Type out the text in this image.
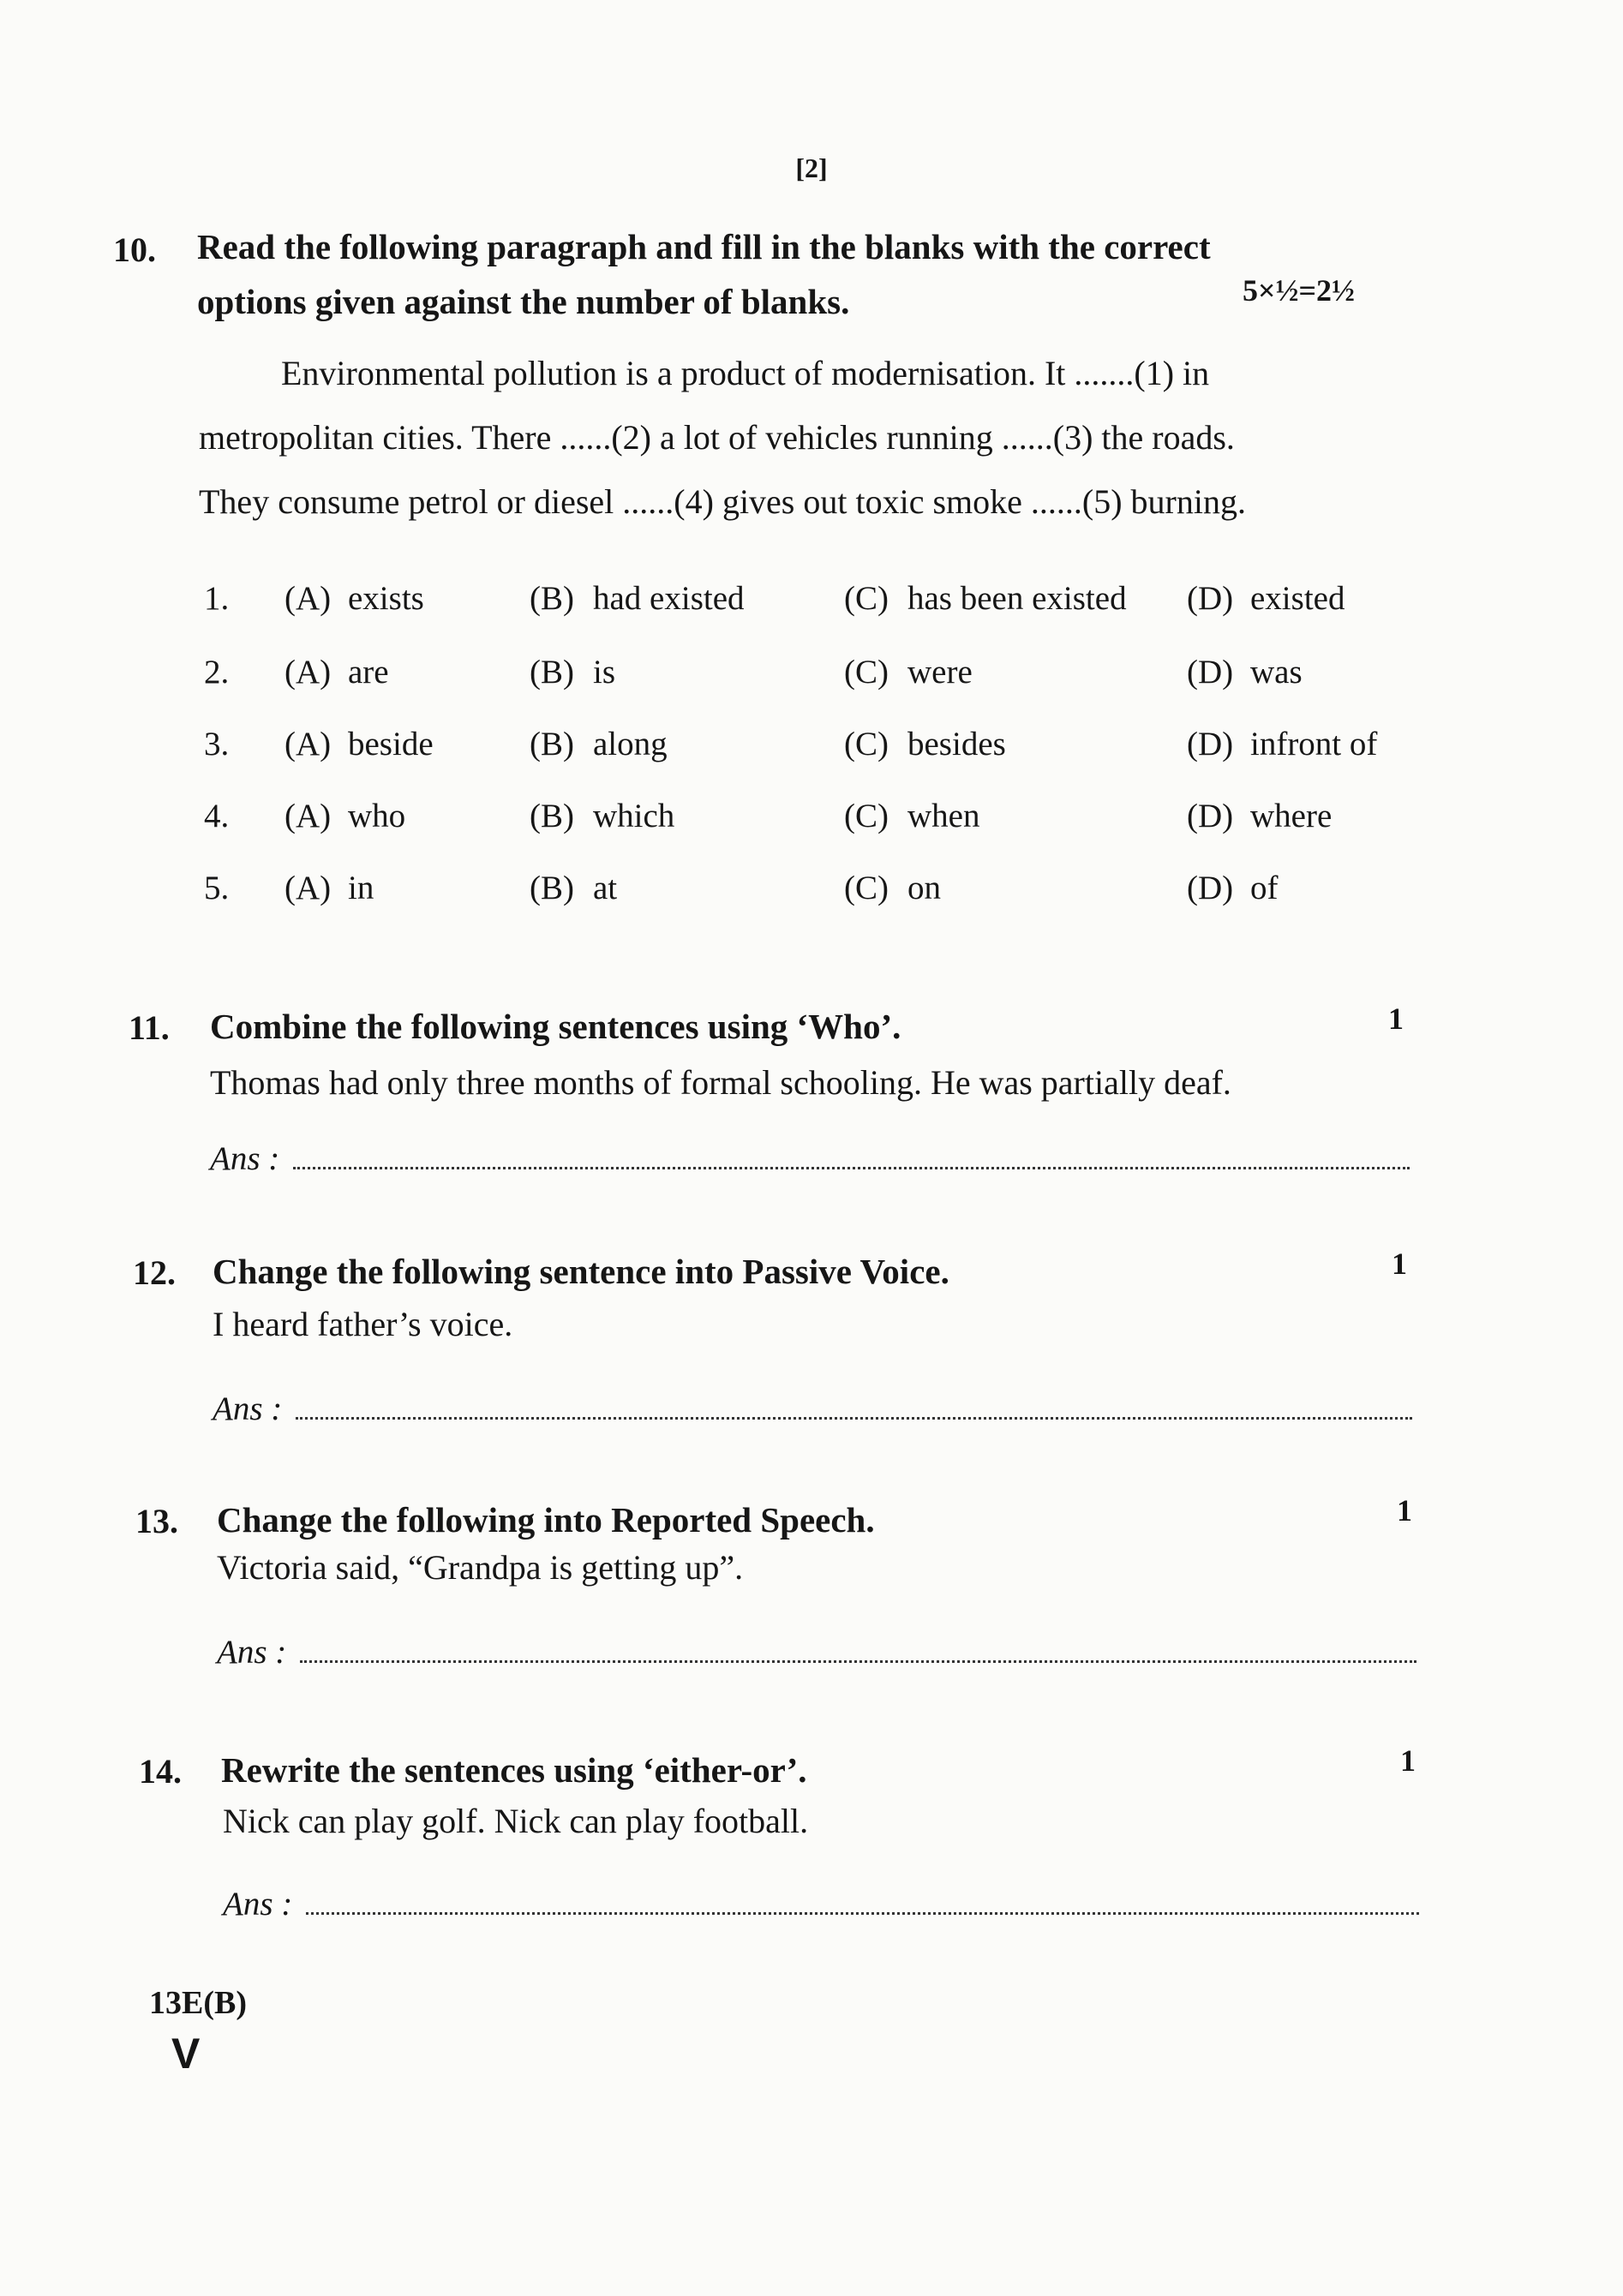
[2]
10. Read the following paragraph and fill in the blanks with the correct
options given against the number of blanks.	5×½=2½

Environmental pollution is a product of modernisation. It .......(1) in

metropolitan cities. There ......(2) a lot of vehicles running ......(3) the roads.

They consume petrol or diesel ......(4) gives out toxic smoke ......(5) burning.

1. (A) exists	(B) had existed	(C) has been existed (D) existed
2. (A) are	(B) is	(C) were	(D) was
3. (A) beside	(B) along	(C) besides	(D) infront of
4. (A) who	(B) which	(C) when	(D) where
5. (A) in	(B) at	(C) on	(D) of
11. Combine the following sentences using ‘Who’.	1
Thomas had only three months of formal schooling. He was partially deaf.
Ans :
12. Change the following sentence into Passive Voice.	1
I heard father’s voice.
Ans :
13. Change the following into Reported Speech.	1
Victoria said, “Grandpa is getting up”.
Ans :
14. Rewrite the sentences using ‘either-or’.	1
Nick can play golf. Nick can play football.
Ans :
13E(B)
V
